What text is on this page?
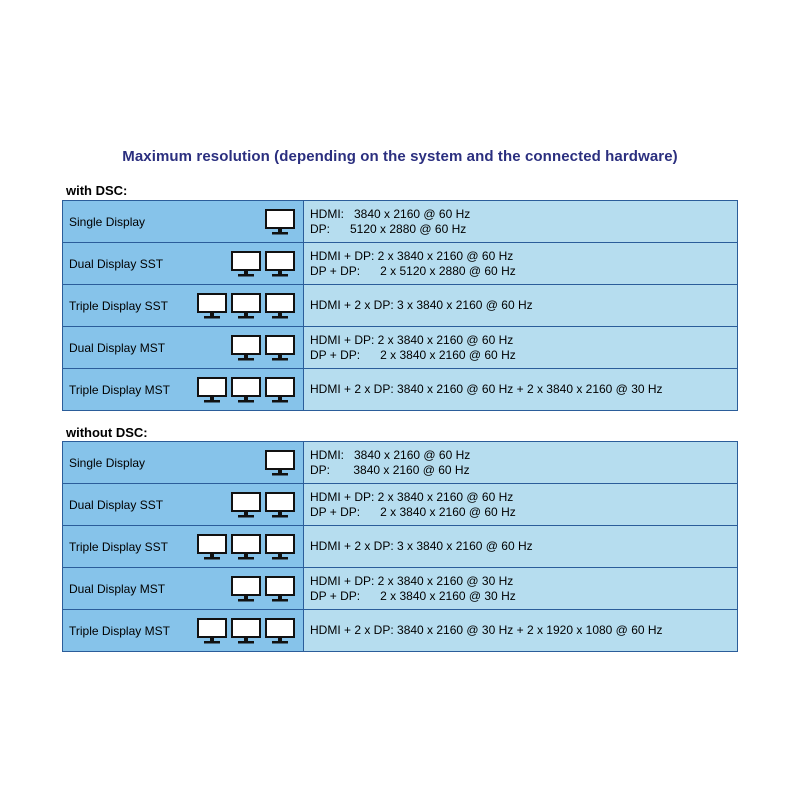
Maximum resolution (depending on the system and the connected hardware)
with DSC:
Single Display	HDMI:   3840 x 2160 @ 60 Hz
DP:      5120 x 2880 @ 60 Hz

Dual Display SST	HDMI + DP: 2 x 3840 x 2160 @ 60 Hz
DP + DP:      2 x 5120 x 2880 @ 60 Hz

Triple Display SST	HDMI + 2 x DP: 3 x 3840 x 2160 @ 60 Hz

Dual Display MST	HDMI + DP: 2 x 3840 x 2160 @ 60 Hz
DP + DP:      2 x 3840 x 2160 @ 60 Hz

Triple Display MST	HDMI + 2 x DP: 3840 x 2160 @ 60 Hz + 2 x 3840 x 2160 @ 30 Hz
without DSC:
Single Display	HDMI:   3840 x 2160 @ 60 Hz
DP:       3840 x 2160 @ 60 Hz

Dual Display SST	HDMI + DP: 2 x 3840 x 2160 @ 60 Hz
DP + DP:      2 x 3840 x 2160 @ 60 Hz

Triple Display SST	HDMI + 2 x DP: 3 x 3840 x 2160 @ 60 Hz

Dual Display MST	HDMI + DP: 2 x 3840 x 2160 @ 30 Hz
DP + DP:      2 x 3840 x 2160 @ 30 Hz

Triple Display MST	HDMI + 2 x DP: 3840 x 2160 @ 30 Hz + 2 x 1920 x 1080 @ 60 Hz
